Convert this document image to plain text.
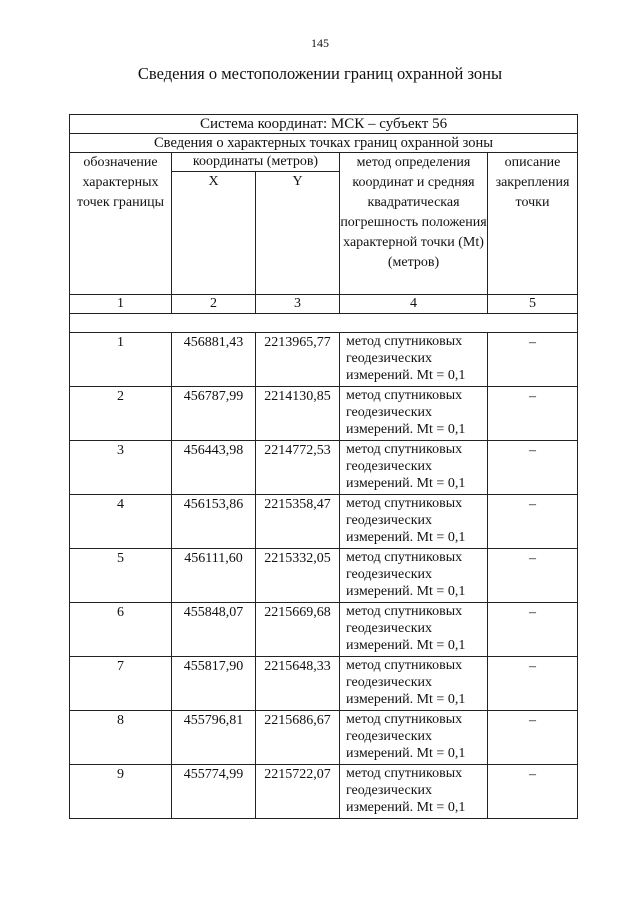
145
Сведения о местоположении границ охранной зоны
Система координат: МСК – субъект 56				
Сведения о характерных точках границ охранной зоны				
обозначение характерных точек границы	координаты (метров)		метод определения координат и средняя квадратическая погрешность положения характерной точки (Mt) (метров)	описание закрепления точки
	X	Y		
1	2	3	4	5

1	456881,43	2213965,77	метод спутниковых геодезических измерений. Mt = 0,1	–
2	456787,99	2214130,85	метод спутниковых геодезических измерений. Mt = 0,1	–
3	456443,98	2214772,53	метод спутниковых геодезических измерений. Mt = 0,1	–
4	456153,86	2215358,47	метод спутниковых геодезических измерений. Mt = 0,1	–
5	456111,60	2215332,05	метод спутниковых геодезических измерений. Mt = 0,1	–
6	455848,07	2215669,68	метод спутниковых геодезических измерений. Mt = 0,1	–
7	455817,90	2215648,33	метод спутниковых геодезических измерений. Mt = 0,1	–
8	455796,81	2215686,67	метод спутниковых геодезических измерений. Mt = 0,1	–
9	455774,99	2215722,07	метод спутниковых геодезических измерений. Mt = 0,1	–
